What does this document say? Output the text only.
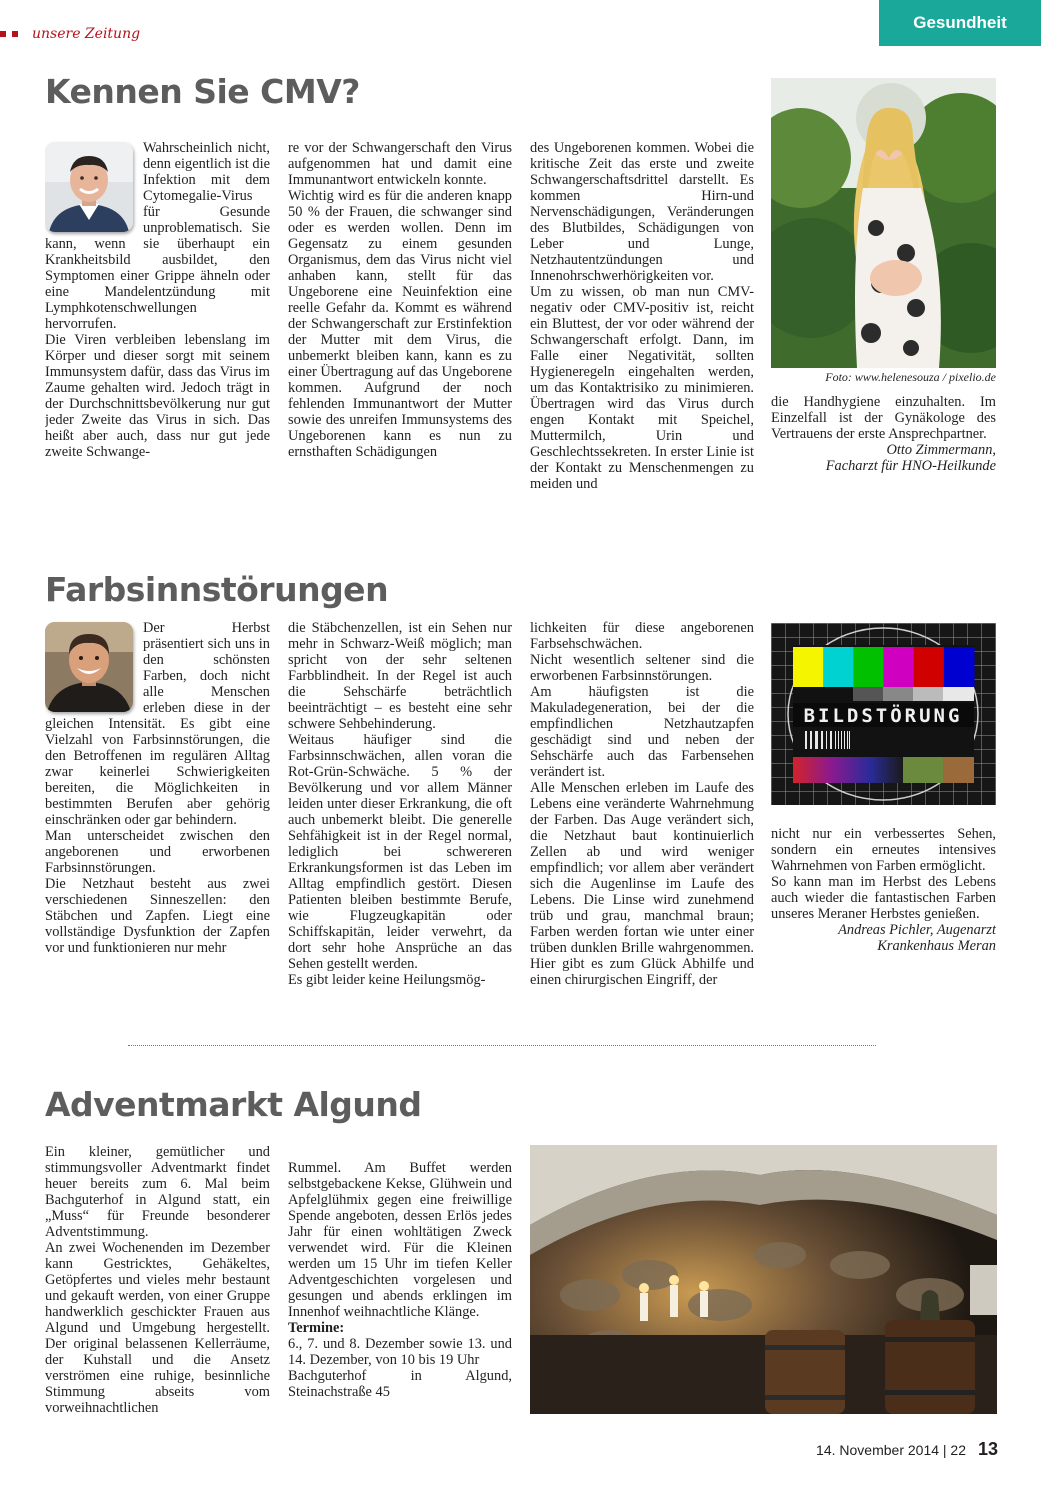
unsere Zeitung
Gesundheit
Kennen Sie CMV?

Wahrscheinlich nicht, denn eigentlich ist die Infektion mit dem Cytomegalie-Virus für Gesunde unproblematisch. Sie kann, wenn sie überhaupt ein Krankheitsbild ausbildet, den Symptomen einer Grippe ähneln oder eine Mandelentzündung mit Lymphkotenschwellungen hervorrufen.

Die Viren verbleiben lebenslang im Körper und dieser sorgt mit seinem Immunsystem dafür, dass das Virus im Zaume gehalten wird. Jedoch trägt in der Durchschnittsbevölkerung nur gut jeder Zweite das Virus in sich. Das heißt aber auch, dass nur gut jede zweite Schwange-

re vor der Schwangerschaft den Virus aufgenommen hat und damit eine Immunantwort entwickeln konnte.

Wichtig wird es für die anderen knapp 50 % der Frauen, die schwanger sind oder es werden wollen. Denn im Gegensatz zu einem gesunden Organismus, dem das Virus nicht viel anhaben kann, stellt für das Ungeborene eine Neuinfektion eine reelle Gefahr da. Kommt es während der Schwangerschaft zur Erstinfektion der Mutter mit dem Virus, die unbemerkt bleiben kann, kann es zu einer Übertragung auf das Ungeborene kommen. Aufgrund der noch fehlenden Immunantwort der Mutter sowie des unreifen Immunsystems des Ungeborenen kann es nun zu ernsthaften Schädigungen

des Ungeborenen kommen. Wobei die kritische Zeit das erste und zweite Schwangerschaftsdrittel darstellt. Es kommen Hirn-und Nervenschädigungen, Veränderungen des Blutbildes, Schädigungen von Leber und Lunge, Netzhautentzündungen und Innenohrschwerhörigkeiten vor.

Um zu wissen, ob man nun CMV-negativ oder CMV-positiv ist, reicht ein Bluttest, der vor oder während der Schwangerschaft erfolgt. Dann, im Falle einer Negativität, sollten Hygieneregeln eingehalten werden, um das Kontaktrisiko zu minimieren. Übertragen wird das Virus durch engen Kontakt mit Speichel, Muttermilch, Urin und Geschlechtssekreten. In erster Linie ist der Kontakt zu Menschenmengen zu meiden und

Foto: www.helenesouza / pixelio.de

die Handhygiene einzuhalten. Im Einzelfall ist der Gynäkologe des Vertrauens der erste Ansprechpartner.

Otto Zimmermann,

Facharzt für HNO-Heilkunde

Farbsinnstörungen

Der Herbst präsentiert sich uns in den schönsten Farben, doch nicht alle Menschen erleben diese in der gleichen Intensität. Es gibt eine Vielzahl von Farbsinnstörungen, die den Betroffenen im regulären Alltag zwar keinerlei Schwierigkeiten bereiten, die Möglichkeiten in bestimmten Berufen aber gehörig einschränken oder gar behindern.

Man unterscheidet zwischen den angeborenen und erworbenen Farbsinnstörungen.

Die Netzhaut besteht aus zwei verschiedenen Sinneszellen: den Stäbchen und Zapfen. Liegt eine vollständige Dysfunktion der Zapfen vor und funktionieren nur mehr

die Stäbchenzellen, ist ein Sehen nur mehr in Schwarz-Weiß möglich; man spricht von der sehr seltenen Farbblindheit. In der Regel ist auch die Sehschärfe beträchtlich beeinträchtigt – es besteht eine sehr schwere Sehbehinderung.

Weitaus häufiger sind die Farbsinnschwächen, allen voran die Rot-Grün-Schwäche. 5 % der Bevölkerung und vor allem Männer leiden unter dieser Erkrankung, die oft auch unbemerkt bleibt. Die generelle Sehfähigkeit ist in der Regel normal, lediglich bei schwereren Erkrankungsformen ist das Leben im Alltag empfindlich gestört. Diesen Patienten bleiben bestimmte Berufe, wie Flugzeugkapitän oder Schiffskapitän, leider verwehrt, da dort sehr hohe Ansprüche an das Sehen gestellt werden.

Es gibt leider keine Heilungsmög-

lichkeiten für diese angeborenen Farbsehschwächen.

Nicht wesentlich seltener sind die erworbenen Farbsinnstörungen.

Am häufigsten ist die Makuladegeneration, bei der die empfindlichen Netzhautzapfen geschädigt sind und neben der Sehschärfe auch das Farbensehen verändert ist.

Alle Menschen erleben im Laufe des Lebens eine veränderte Wahrnehmung der Farben. Das Auge verändert sich, die Netzhaut baut kontinuierlich Zellen ab und wird weniger empfindlich; vor allem aber verändert sich die Augenlinse im Laufe des Lebens. Die Linse wird zunehmend trüb und grau, manchmal braun; Farben werden fortan wie unter einer trüben dunklen Brille wahrgenommen. Hier gibt es zum Glück Abhilfe und einen chirurgischen Eingriff, der

BILDSTÖRUNG

nicht nur ein verbessertes Sehen, sondern ein erneutes intensives Wahrnehmen von Farben ermöglicht.

So kann man im Herbst des Lebens auch wieder die fantastischen Farben unseres Meraner Herbstes genießen.

Andreas Pichler, Augenarzt

Krankenhaus Meran

Adventmarkt Algund

Ein kleiner, gemütlicher und stimmungsvoller Adventmarkt findet heuer bereits zum 6. Mal beim Bachguterhof in Algund statt, ein „Muss“ für Freunde besonderer Adventstimmung.

An zwei Wochenenden im Dezember kann Gestricktes, Gehäkeltes, Getöpfertes und vieles mehr bestaunt und gekauft werden, von einer Gruppe handwerklich geschickter Frauen aus Algund und Umgebung hergestellt. Der original belassenen Kellerräume, der Kuhstall und die Ansetz verströmen eine ruhige, besinnliche Stimmung abseits vom vorweihnachtlichen

Rummel. Am Buffet werden selbstgebackene Kekse, Glühwein und Apfelglühmix gegen eine freiwillige Spende angeboten, dessen Erlös jedes Jahr für einen wohltätigen Zweck verwendet wird. Für die Kleinen werden um 15 Uhr im tiefen Keller Adventgeschichten vorgelesen und gesungen und abends erklingen im Innenhof weihnachtliche Klänge.

Termine:

6., 7. und 8. Dezember sowie 13. und 14. Dezember, von 10 bis 19 Uhr

Bachguterhof in Algund, Steinachstraße 45

14. November 2014 | 22 13
